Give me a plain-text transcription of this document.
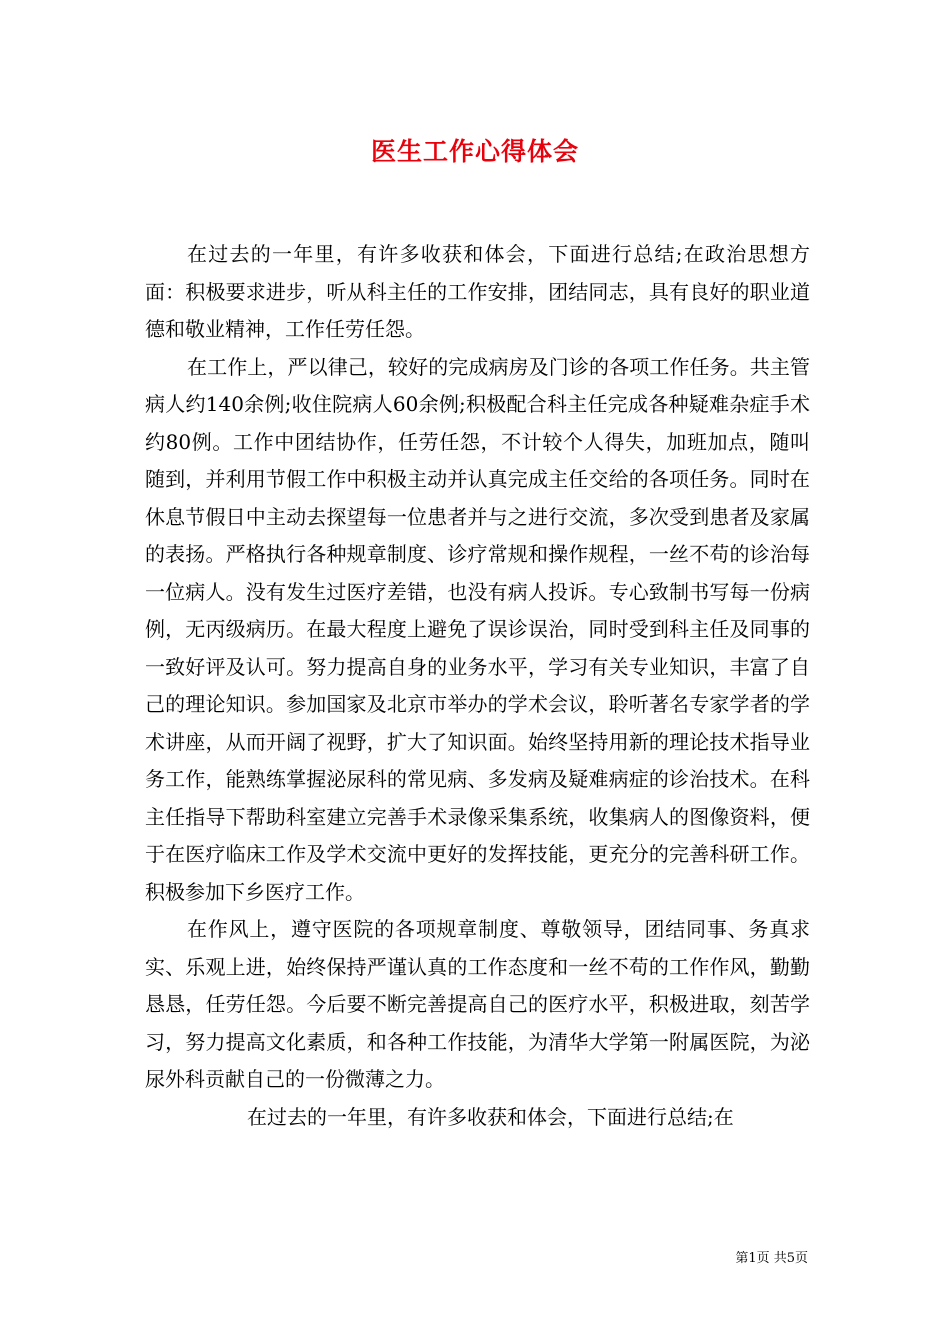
医生工作心得体会

在过去的一年里，有许多收获和体会，下面进行总结;在政治思想方面：积极要求进步，听从科主任的工作安排，团结同志，具有良好的职业道德和敬业精神，工作任劳任怨。

在工作上，严以律己，较好的完成病房及门诊的各项工作任务。共主管病人约140余例;收住院病人60余例;积极配合科主任完成各种疑难杂症手术约80例。工作中团结协作，任劳任怨，不计较个人得失，加班加点，随叫随到，并利用节假工作中积极主动并认真完成主任交给的各项任务。同时在休息节假日中主动去探望每一位患者并与之进行交流，多次受到患者及家属的表扬。严格执行各种规章制度、诊疗常规和操作规程，一丝不苟的诊治每一位病人。没有发生过医疗差错，也没有病人投诉。专心致制书写每一份病例，无丙级病历。在最大程度上避免了误诊误治，同时受到科主任及同事的一致好评及认可。努力提高自身的业务水平，学习有关专业知识，丰富了自己的理论知识。参加国家及北京市举办的学术会议，聆听著名专家学者的学术讲座，从而开阔了视野，扩大了知识面。始终坚持用新的理论技术指导业务工作，能熟练掌握泌尿科的常见病、多发病及疑难病症的诊治技术。在科主任指导下帮助科室建立完善手术录像采集系统，收集病人的图像资料，便于在医疗临床工作及学术交流中更好的发挥技能，更充分的完善科研工作。积极参加下乡医疗工作。

在作风上，遵守医院的各项规章制度、尊敬领导，团结同事、务真求实、乐观上进，始终保持严谨认真的工作态度和一丝不苟的工作作风，勤勤恳恳，任劳任怨。今后要不断完善提高自己的医疗水平，积极进取，刻苦学习，努力提高文化素质，和各种工作技能，为清华大学第一附属医院，为泌尿外科贡献自己的一份微薄之力。

在过去的一年里，有许多收获和体会，下面进行总结;在

第1页 共5页
